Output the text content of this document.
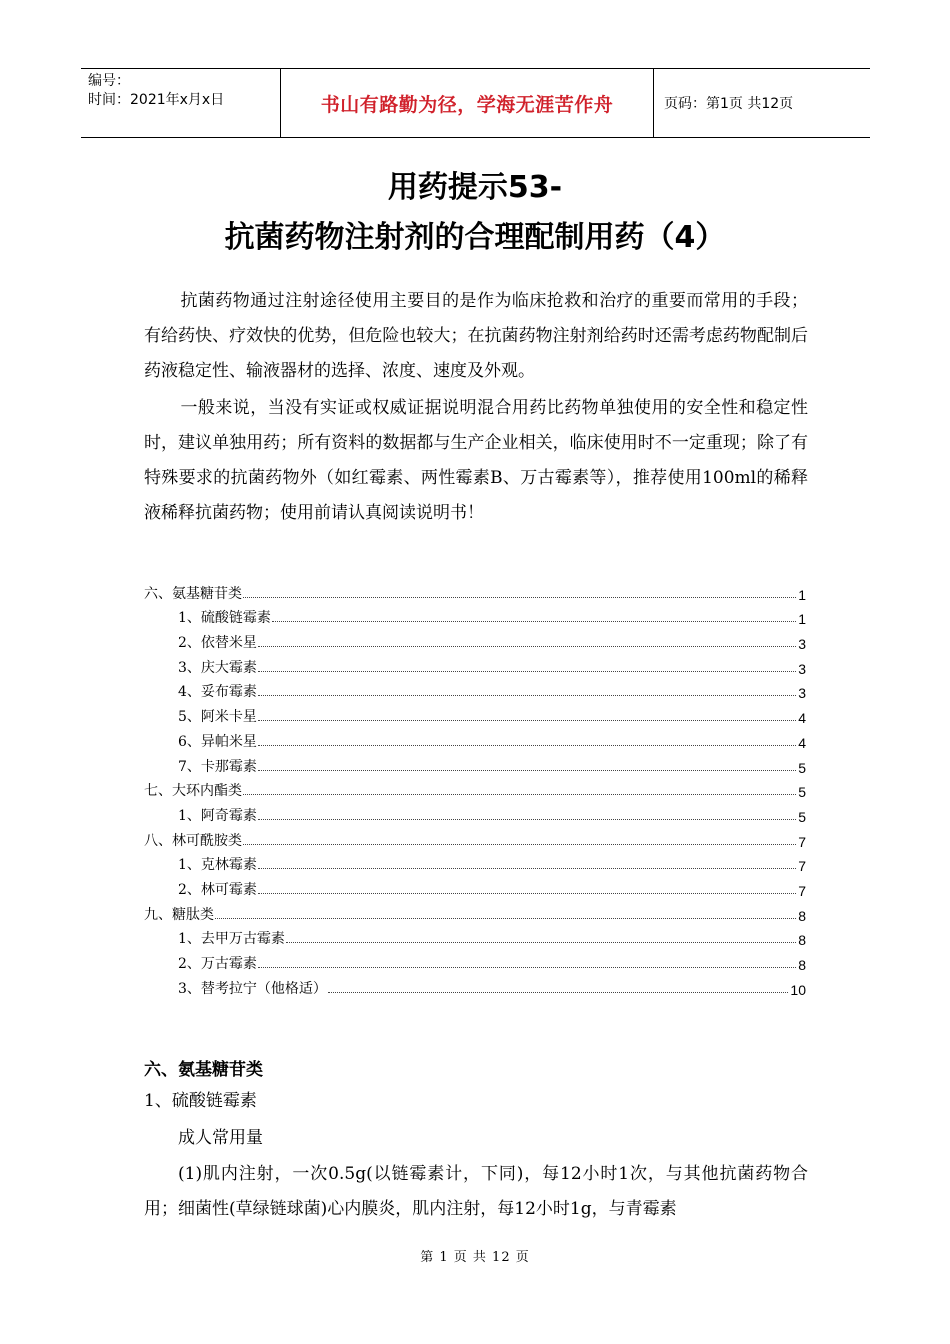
编号：
时间：2021年x月x日	书山有路勤为径，学海无涯苦作舟	页码：第1页 共12页
用药提示53-
抗菌药物注射剂的合理配制用药（4）

抗菌药物通过注射途径使用主要目的是作为临床抢救和治疗的重要而常用的手段；有给药快、疗效快的优势，但危险也较大；在抗菌药物注射剂给药时还需考虑药物配制后药液稳定性、输液器材的选择、浓度、速度及外观。

一般来说，当没有实证或权威证据说明混合用药比药物单独使用的安全性和稳定性时，建议单独用药；所有资料的数据都与生产企业相关，临床使用时不一定重现；除了有特殊要求的抗菌药物外（如红霉素、两性霉素B、万古霉素等），推荐使用100ml的稀释液稀释抗菌药物；使用前请认真阅读说明书！

六、氨基糖苷类	1
1、硫酸链霉素	1
2、依替米星	3
3、庆大霉素	3
4、妥布霉素	3
5、阿米卡星	4
6、异帕米星	4
7、卡那霉素	5
七、大环内酯类	5
1、阿奇霉素	5
八、林可酰胺类	7
1、克林霉素	7
2、林可霉素	7
九、糖肽类	8
1、去甲万古霉素	8
2、万古霉素	8
3、替考拉宁（他格适）	10
六、氨基糖苷类
1、硫酸链霉素

成人常用量

(1)肌内注射，一次0.5g(以链霉素计，下同)，每12小时1次，与其他抗菌药物合用；细菌性(草绿链球菌)心内膜炎，肌内注射，每12小时1g，与青霉素

第 1 页 共 12 页
